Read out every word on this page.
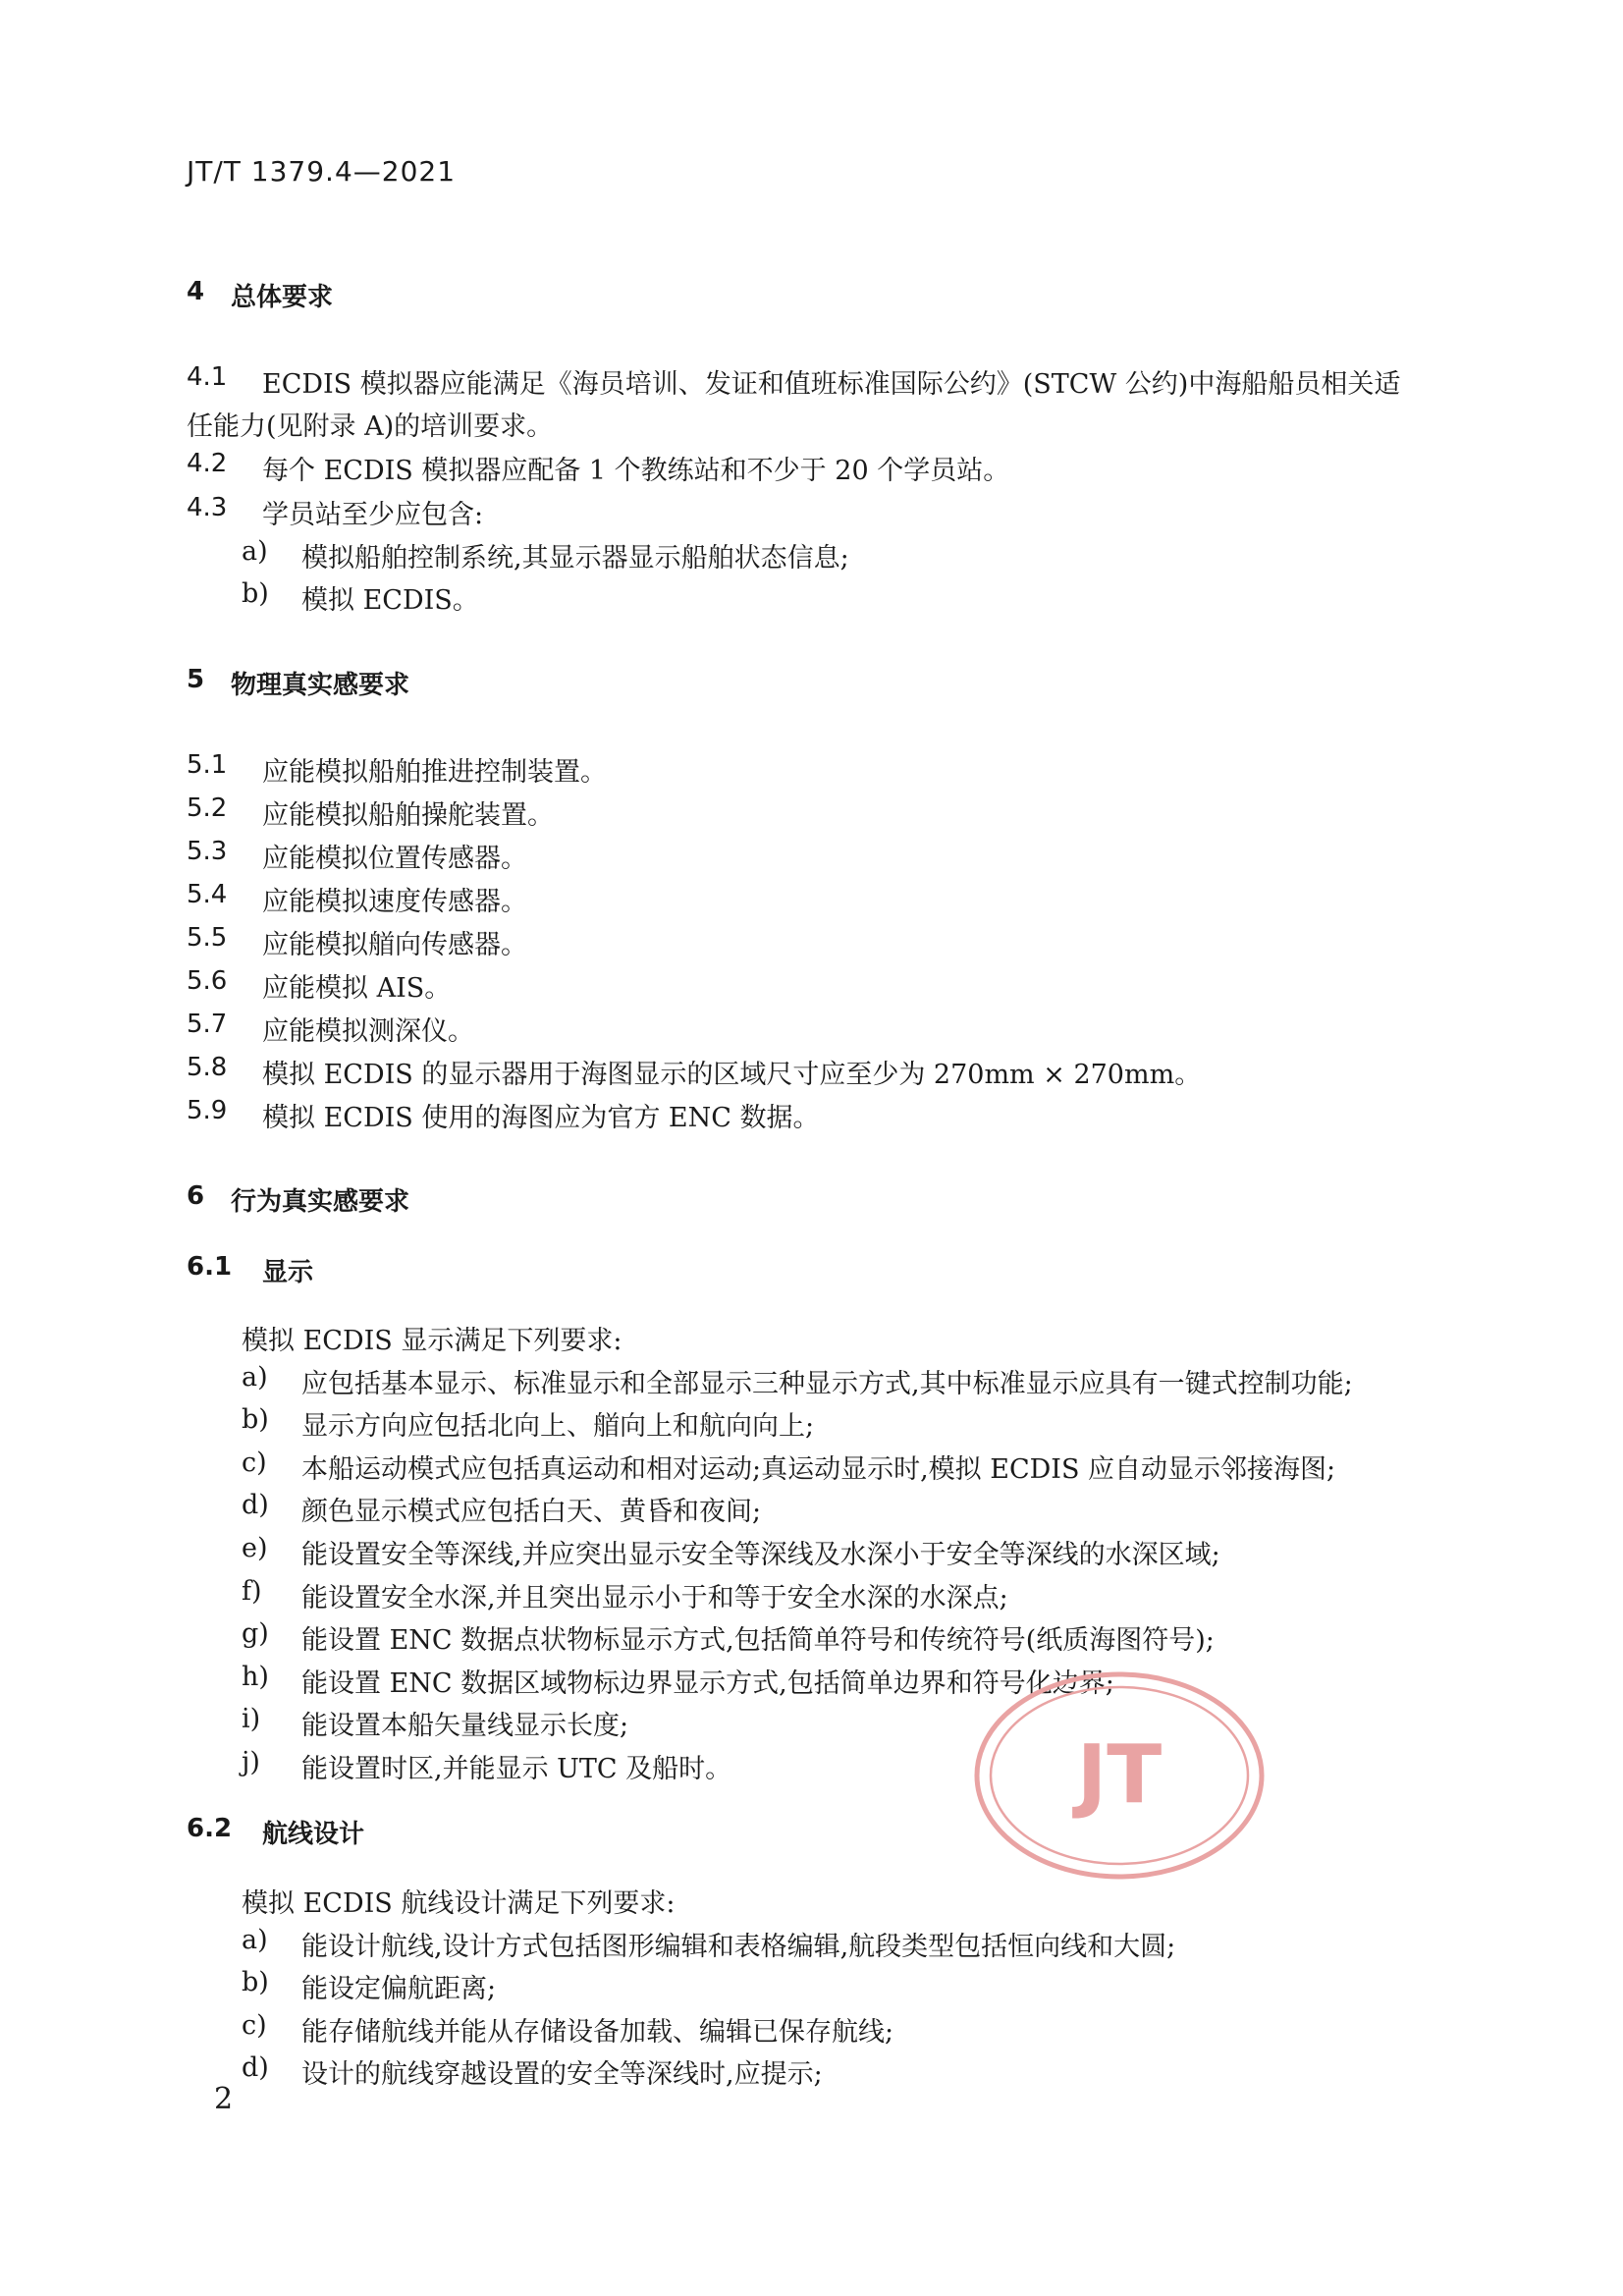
JT/T 1379.4—2021
4 总体要求
4.1 ECDIS 模拟器应能满足《海员培训、发证和值班标准国际公约》(STCW 公约)中海船船员相关适
任能力(见附录 A)的培训要求。
4.2 每个 ECDIS 模拟器应配备 1 个教练站和不少于 20 个学员站。
4.3 学员站至少应包含:
a) 模拟船舶控制系统,其显示器显示船舶状态信息;
b) 模拟 ECDIS。
5 物理真实感要求
5.1 应能模拟船舶推进控制装置。
5.2 应能模拟船舶操舵装置。
5.3 应能模拟位置传感器。
5.4 应能模拟速度传感器。
5.5 应能模拟艏向传感器。
5.6 应能模拟 AIS。
5.7 应能模拟测深仪。
5.8 模拟 ECDIS 的显示器用于海图显示的区域尺寸应至少为 270mm × 270mm。
5.9 模拟 ECDIS 使用的海图应为官方 ENC 数据。
6 行为真实感要求
6.1 显示
模拟 ECDIS 显示满足下列要求:
a) 应包括基本显示、标准显示和全部显示三种显示方式,其中标准显示应具有一键式控制功能;
b) 显示方向应包括北向上、艏向上和航向向上;
c) 本船运动模式应包括真运动和相对运动;真运动显示时,模拟 ECDIS 应自动显示邻接海图;
d) 颜色显示模式应包括白天、黄昏和夜间;
e) 能设置安全等深线,并应突出显示安全等深线及水深小于安全等深线的水深区域;
f) 能设置安全水深,并且突出显示小于和等于安全水深的水深点;
g) 能设置 ENC 数据点状物标显示方式,包括简单符号和传统符号(纸质海图符号);
h) 能设置 ENC 数据区域物标边界显示方式,包括简单边界和符号化边界;
i) 能设置本船矢量线显示长度;
j) 能设置时区,并能显示 UTC 及船时。
6.2 航线设计
模拟 ECDIS 航线设计满足下列要求:
a) 能设计航线,设计方式包括图形编辑和表格编辑,航段类型包括恒向线和大圆;
b) 能设定偏航距离;
c) 能存储航线并能从存储设备加载、编辑已保存航线;
d) 设计的航线穿越设置的安全等深线时,应提示;
JT
2
